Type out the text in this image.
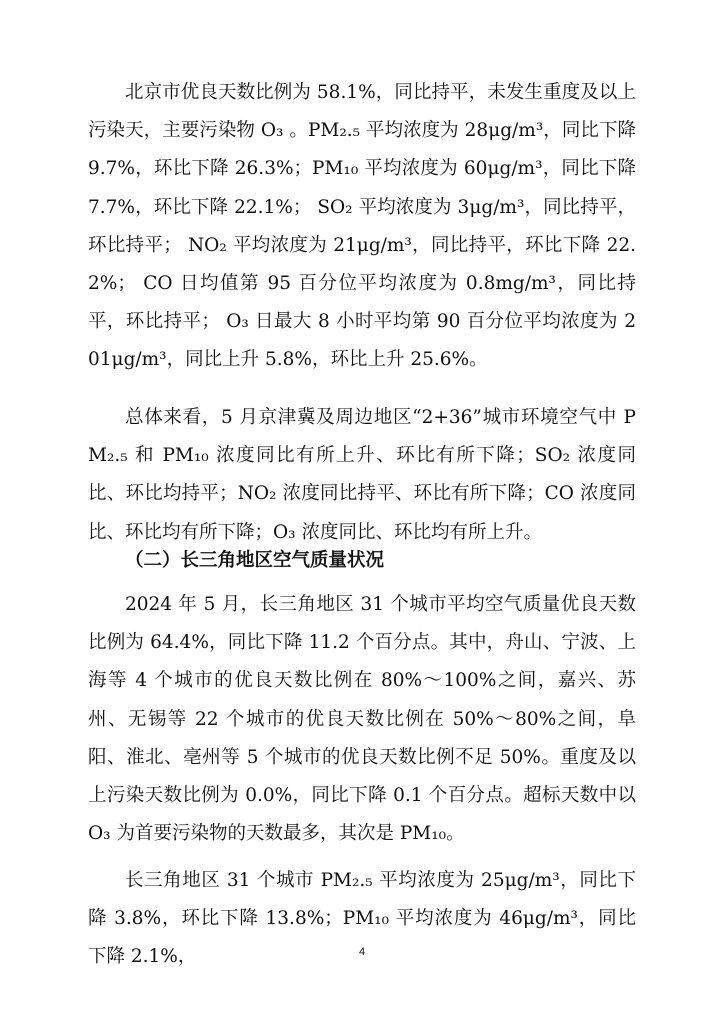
北京市优良天数比例为 58.1%，同比持平，未发生重度及以上污染天，主要污染物 O₃ 。PM₂.₅ 平均浓度为 28μg/m³，同比下降 9.7%，环比下降 26.3%；PM₁₀ 平均浓度为 60μg/m³，同比下降 7.7%，环比下降 22.1%； SO₂ 平均浓度为 3μg/m³，同比持平，环比持平； NO₂ 平均浓度为 21μg/m³，同比持平，环比下降 22.2%； CO 日均值第 95 百分位平均浓度为 0.8mg/m³，同比持平，环比持平； O₃ 日最大 8 小时平均第 90 百分位平均浓度为 201μg/m³，同比上升 5.8%，环比上升 25.6%。

总体来看，5 月京津冀及周边地区“2+36”城市环境空气中 PM₂.₅ 和 PM₁₀ 浓度同比有所上升、环比有所下降；SO₂ 浓度同比、环比均持平；NO₂ 浓度同比持平、环比有所下降；CO 浓度同比、环比均有所下降；O₃ 浓度同比、环比均有所上升。

（二）长三角地区空气质量状况

2024 年 5 月，长三角地区 31 个城市平均空气质量优良天数比例为 64.4%，同比下降 11.2 个百分点。其中，舟山、宁波、上海等 4 个城市的优良天数比例在 80%～100%之间，嘉兴、苏州、无锡等 22 个城市的优良天数比例在 50%～80%之间，阜阳、淮北、亳州等 5 个城市的优良天数比例不足 50%。重度及以上污染天数比例为 0.0%，同比下降 0.1 个百分点。超标天数中以 O₃ 为首要污染物的天数最多，其次是 PM₁₀。

长三角地区 31 个城市 PM₂.₅ 平均浓度为 25μg/m³，同比下降 3.8%，环比下降 13.8%；PM₁₀ 平均浓度为 46μg/m³，同比下降 2.1%，	4
